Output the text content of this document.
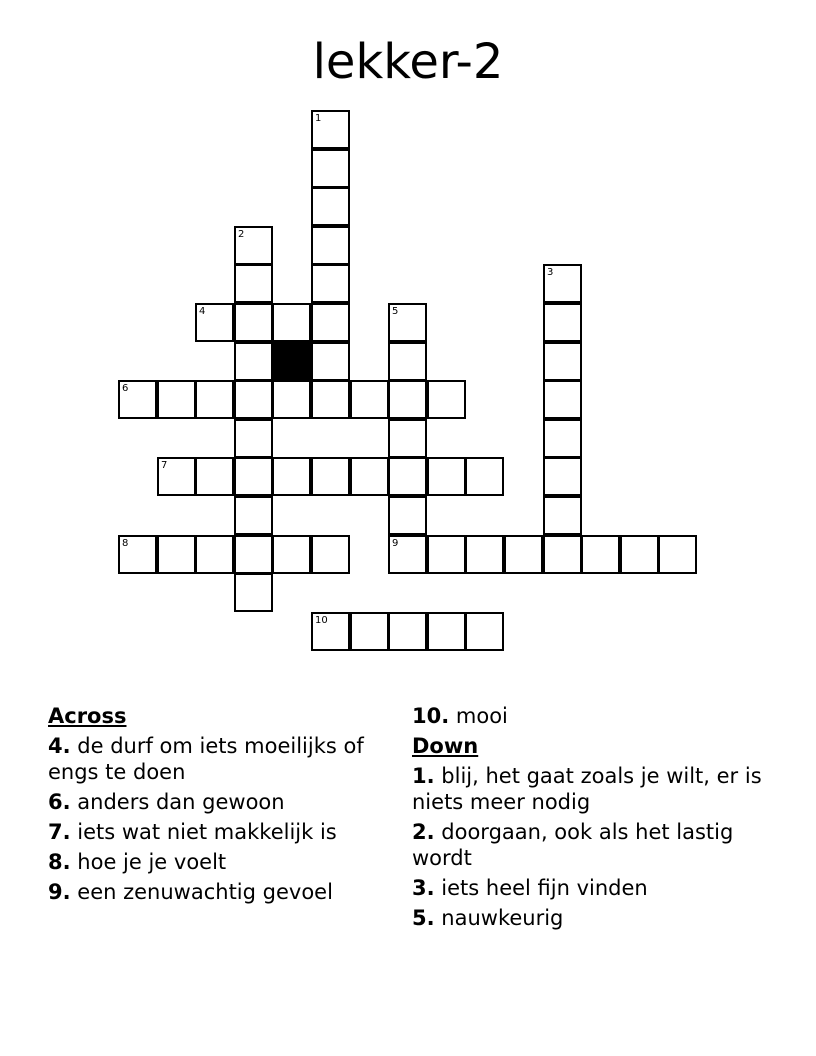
lekker-2
1
2
3
4	5
9
6
7
8
10
Across
4. de durf om iets moeilijks of engs te doen
6. anders dan gewoon
7. iets wat niet makkelijk is
8. hoe je je voelt
9. een zenuwachtig gevoel
10. mooi
Down
1. blij, het gaat zoals je wilt, er is niets meer nodig
2. doorgaan, ook als het lastig wordt
3. iets heel fijn vinden
5. nauwkeurig
